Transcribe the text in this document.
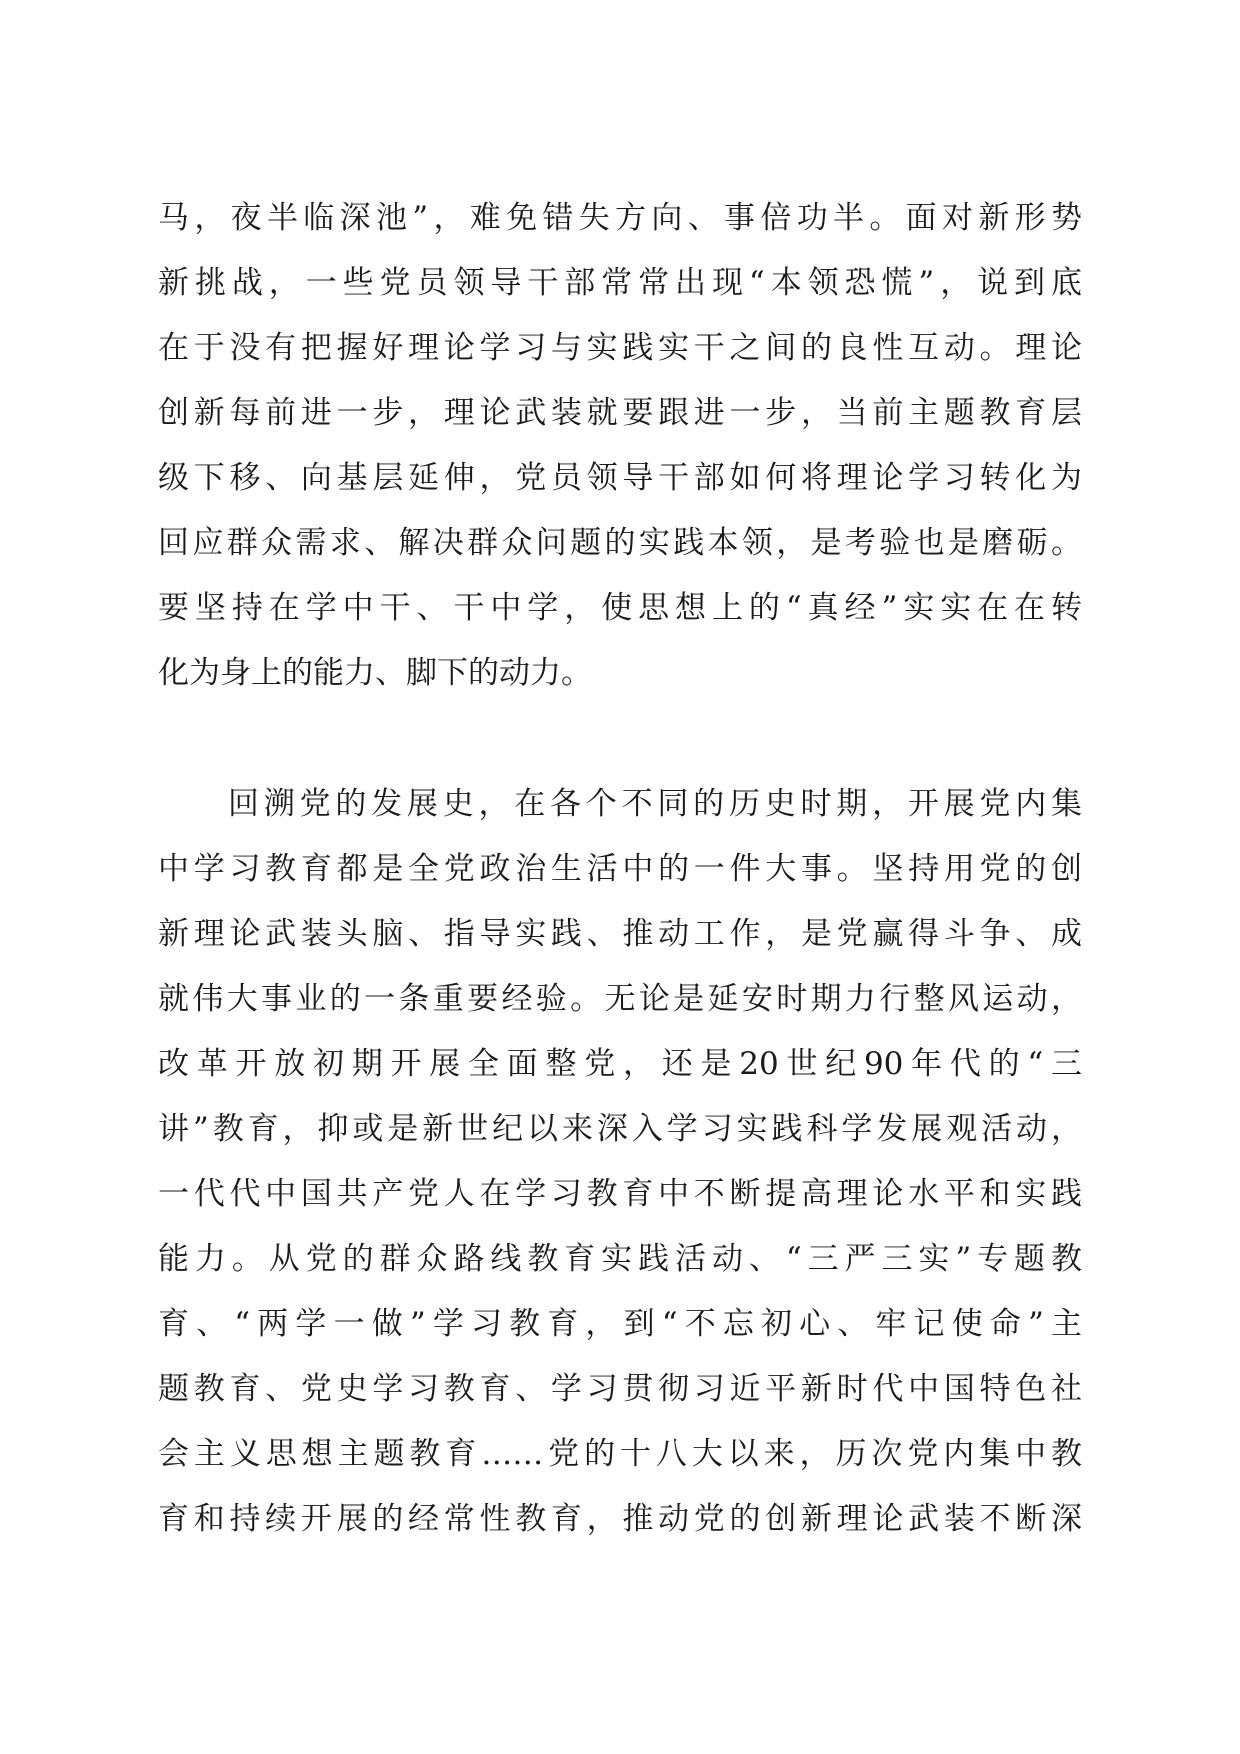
马，夜半临深池”，难免错失方向、事倍功半。面对新形势
新挑战，一些党员领导干部常常出现“本领恐慌”，说到底
在于没有把握好理论学习与实践实干之间的良性互动。理论
创新每前进一步，理论武装就要跟进一步，当前主题教育层
级下移、向基层延伸，党员领导干部如何将理论学习转化为
回应群众需求、解决群众问题的实践本领，是考验也是磨砺。
要坚持在学中干、干中学，使思想上的“真经”实实在在转
化为身上的能力、脚下的动力。
回溯党的发展史，在各个不同的历史时期，开展党内集
中学习教育都是全党政治生活中的一件大事。坚持用党的创
新理论武装头脑、指导实践、推动工作，是党赢得斗争、成
就伟大事业的一条重要经验。无论是延安时期力行整风运动，
改革开放初期开展全面整党，还是20世纪90年代的“三
讲”教育，抑或是新世纪以来深入学习实践科学发展观活动，
一代代中国共产党人在学习教育中不断提高理论水平和实践
能力。从党的群众路线教育实践活动、“三严三实”专题教
育、“两学一做”学习教育，到“不忘初心、牢记使命”主
题教育、党史学习教育、学习贯彻习近平新时代中国特色社
会主义思想主题教育……党的十八大以来，历次党内集中教
育和持续开展的经常性教育，推动党的创新理论武装不断深
